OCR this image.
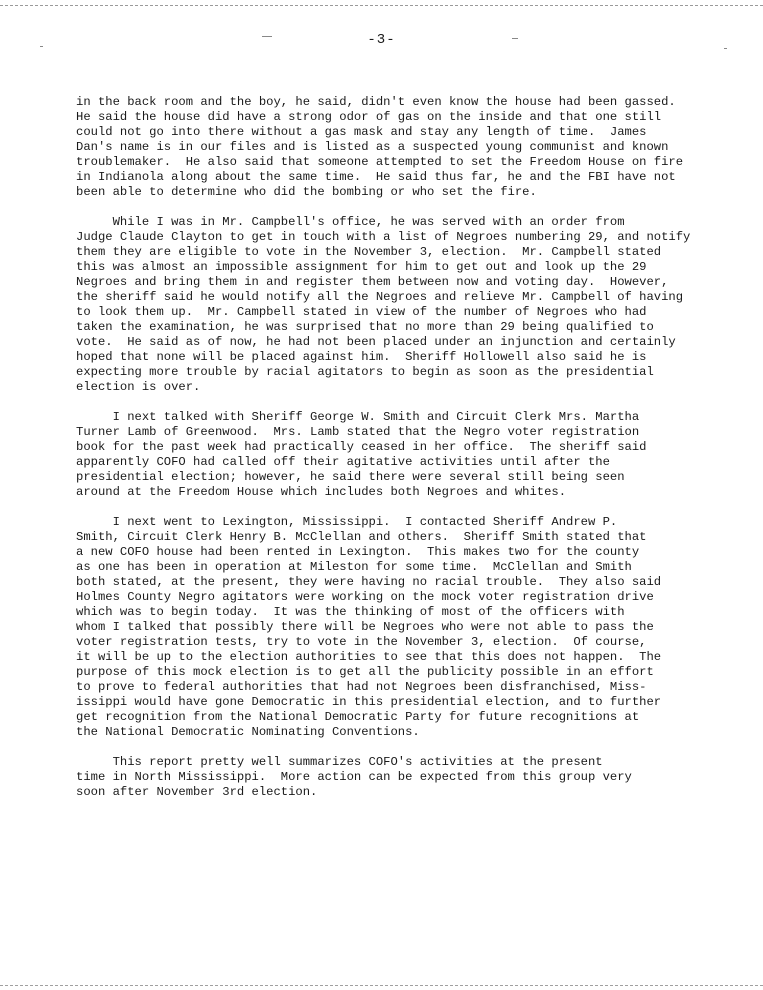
-3-

in the back room and the boy, he said, didn't even know the house had been gassed.
He said the house did have a strong odor of gas on the inside and that one still
could not go into there without a gas mask and stay any length of time.  James
Dan's name is in our files and is listed as a suspected young communist and known
troublemaker.  He also said that someone attempted to set the Freedom House on fire
in Indianola along about the same time.  He said thus far, he and the FBI have not
been able to determine who did the bombing or who set the fire.

While I was in Mr. Campbell's office, he was served with an order from
Judge Claude Clayton to get in touch with a list of Negroes numbering 29, and notify
them they are eligible to vote in the November 3, election.  Mr. Campbell stated
this was almost an impossible assignment for him to get out and look up the 29
Negroes and bring them in and register them between now and voting day.  However,
the sheriff said he would notify all the Negroes and relieve Mr. Campbell of having
to look them up.  Mr. Campbell stated in view of the number of Negroes who had
taken the examination, he was surprised that no more than 29 being qualified to
vote.  He said as of now, he had not been placed under an injunction and certainly
hoped that none will be placed against him.  Sheriff Hollowell also said he is
expecting more trouble by racial agitators to begin as soon as the presidential
election is over.

I next talked with Sheriff George W. Smith and Circuit Clerk Mrs. Martha
Turner Lamb of Greenwood.  Mrs. Lamb stated that the Negro voter registration
book for the past week had practically ceased in her office.  The sheriff said
apparently COFO had called off their agitative activities until after the
presidential election; however, he said there were several still being seen
around at the Freedom House which includes both Negroes and whites.

I next went to Lexington, Mississippi.  I contacted Sheriff Andrew P.
Smith, Circuit Clerk Henry B. McClellan and others.  Sheriff Smith stated that
a new COFO house had been rented in Lexington.  This makes two for the county
as one has been in operation at Mileston for some time.  McClellan and Smith
both stated, at the present, they were having no racial trouble.  They also said
Holmes County Negro agitators were working on the mock voter registration drive
which was to begin today.  It was the thinking of most of the officers with
whom I talked that possibly there will be Negroes who were not able to pass the
voter registration tests, try to vote in the November 3, election.  Of course,
it will be up to the election authorities to see that this does not happen.  The
purpose of this mock election is to get all the publicity possible in an effort
to prove to federal authorities that had not Negroes been disfranchised, Miss-
issippi would have gone Democratic in this presidential election, and to further
get recognition from the National Democratic Party for future recognitions at
the National Democratic Nominating Conventions.

This report pretty well summarizes COFO's activities at the present
time in North Mississippi.  More action can be expected from this group very
soon after November 3rd election.
